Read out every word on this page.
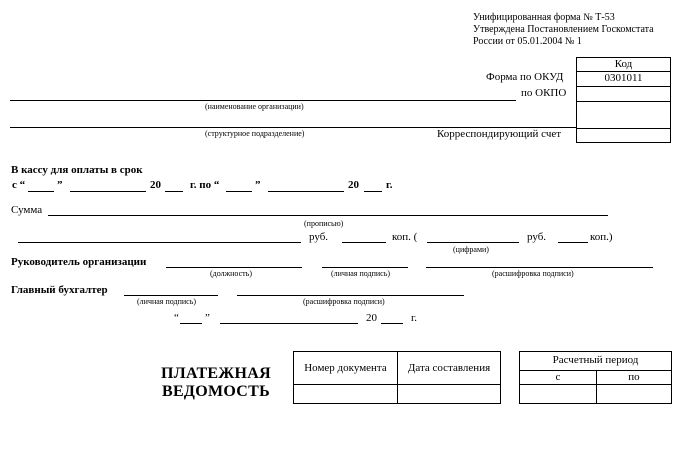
Унифицированная форма № Т-53
Утверждена Постановлением Госкомстата
России от 05.01.2004 № 1
Код
0301011
Форма по ОКУД
по ОКПО
Корреспондирующий счет
(наименование организации)
(структурное подразделение)
В кассу для оплаты в срок
с “	”	20	г. по “	”	20 г.
Сумма
(прописью)
руб.	коп. (
(цифрами)
руб.	коп.)
Руководитель организации
(должность)	(личная подпись)	(расшифровка подписи)
Главный бухгалтер
(личная подпись)	(расшифровка подписи)
“ ”	20	г.
ПЛАТЕЖНАЯ
ВЕДОМОСТЬ
Номер документа	Дата составления
Расчетный период
с	по
